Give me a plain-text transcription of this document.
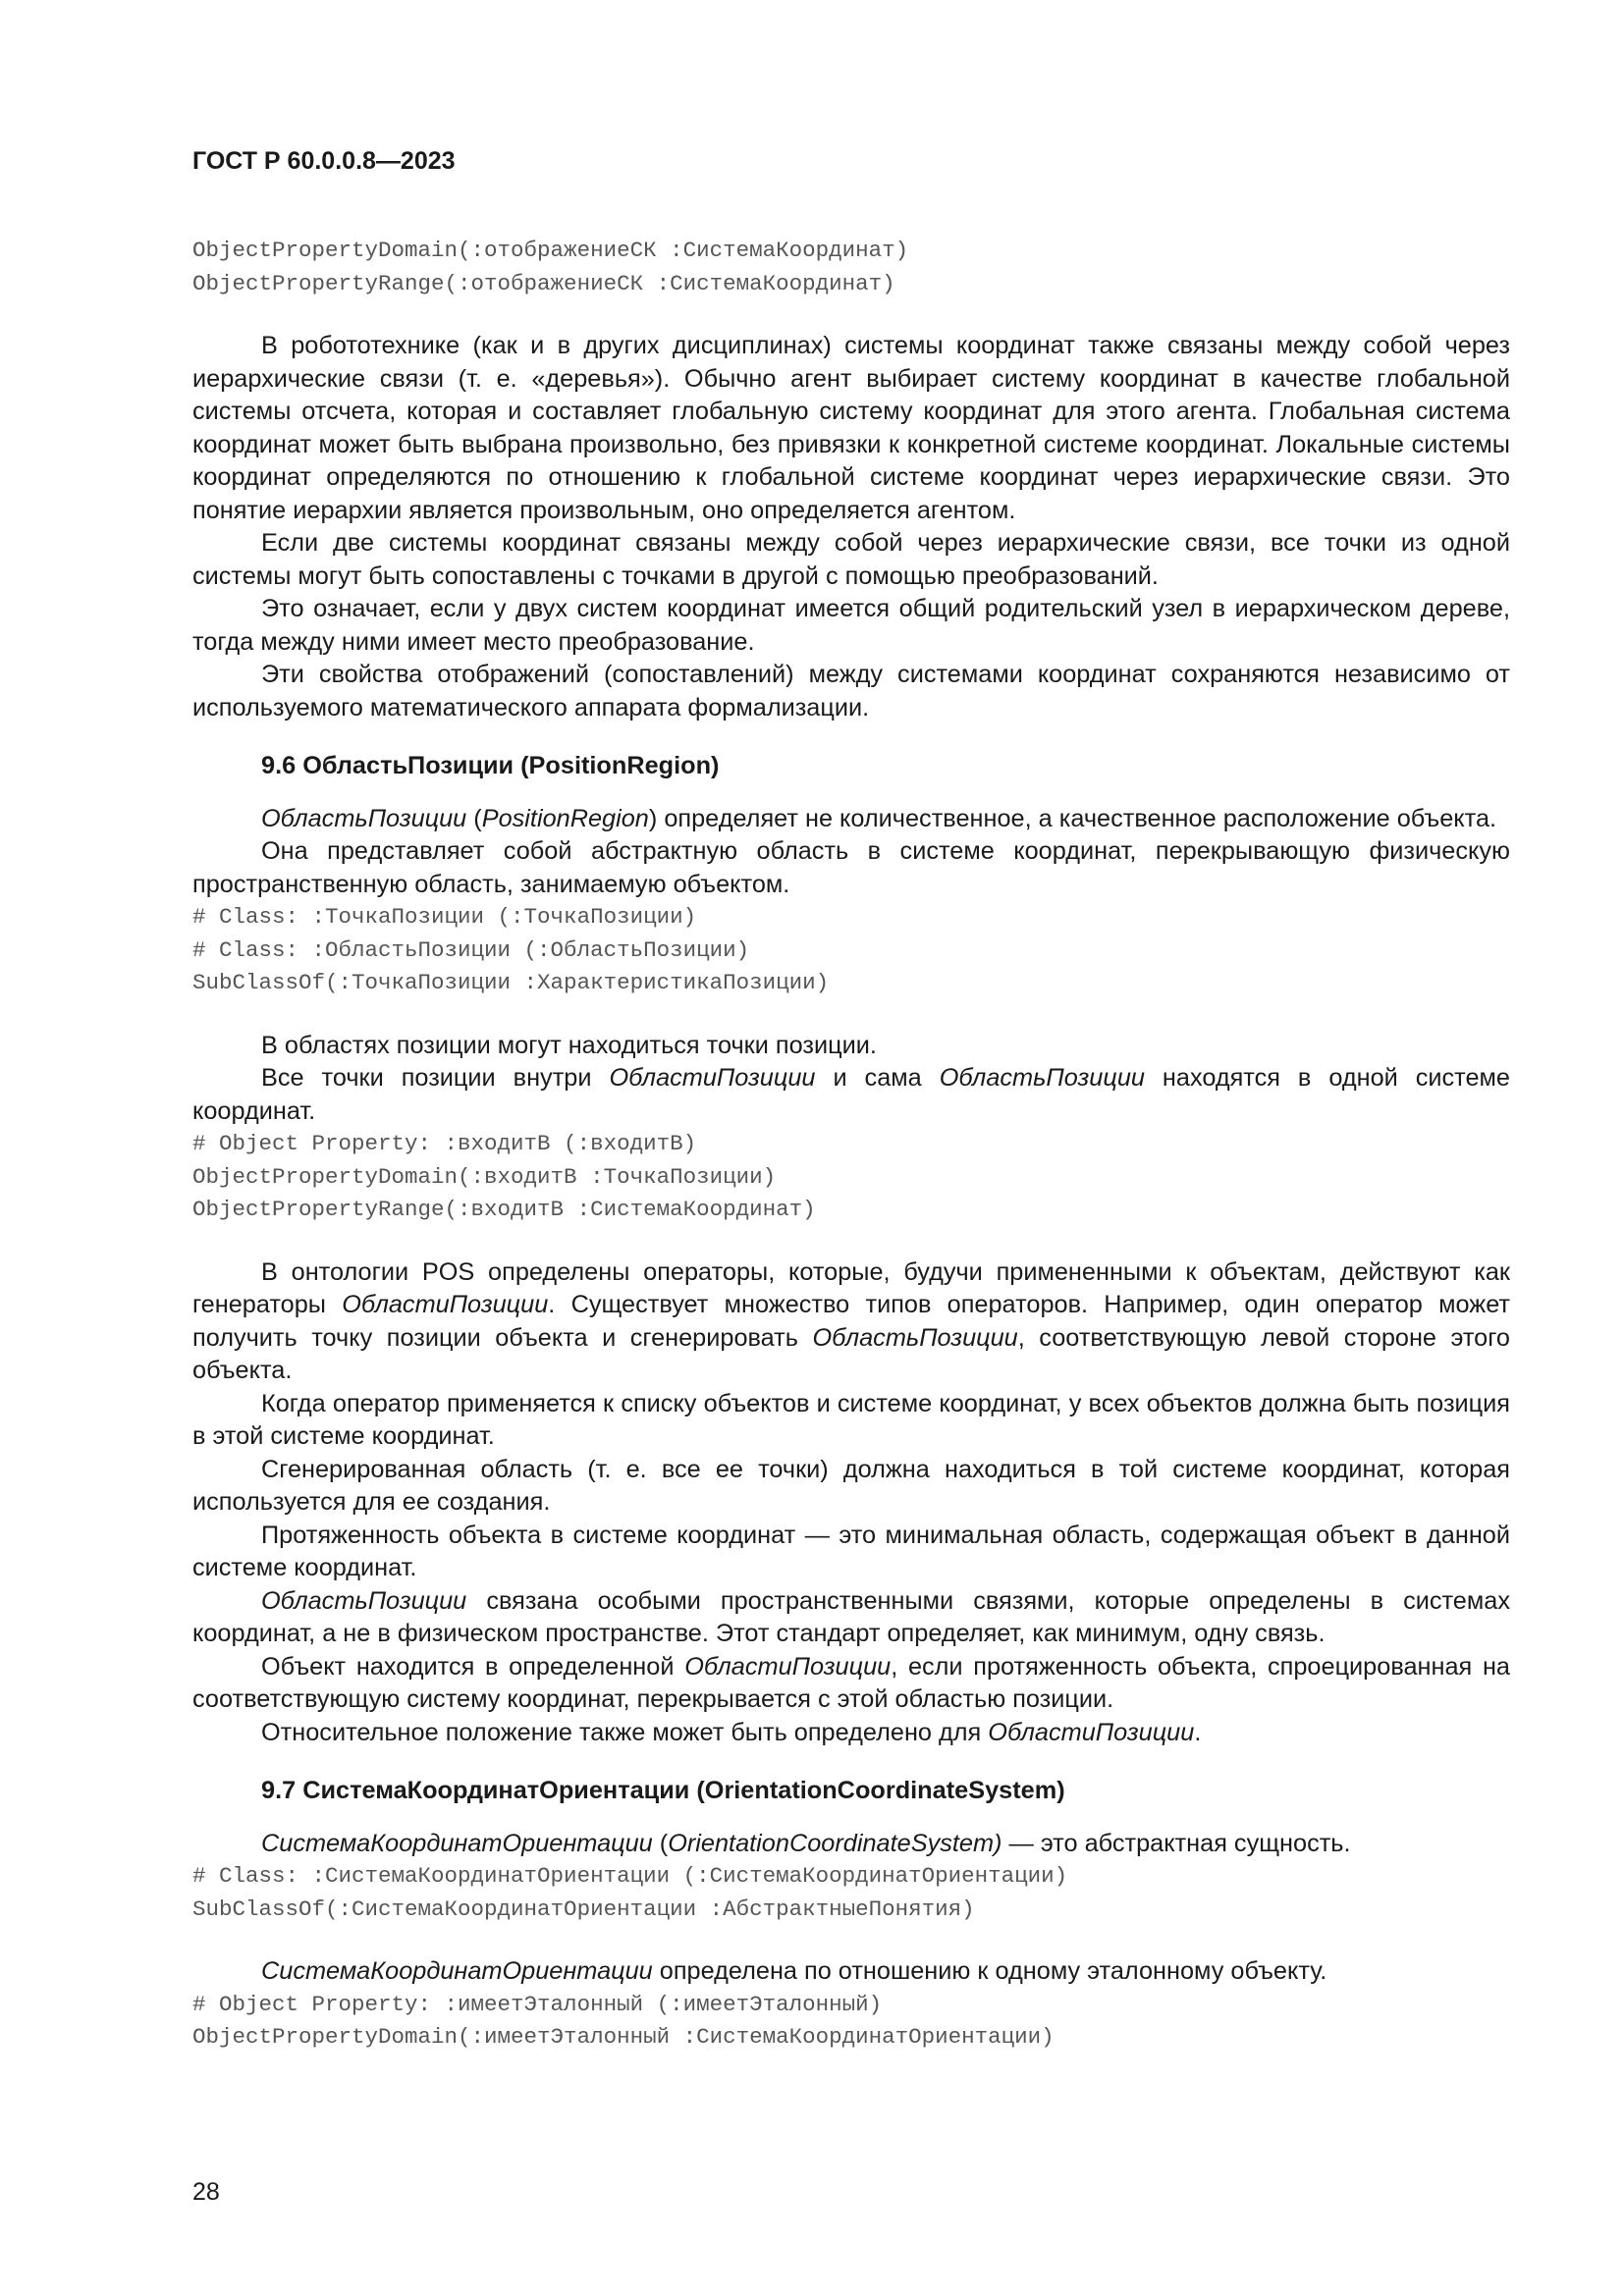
ГОСТ Р 60.0.0.8—2023

ObjectPropertyDomain(:отображениеСК :СистемаКоординат)

ObjectPropertyRange(:отображениеСК :СистемаКоординат)

В робототехнике (как и в других дисциплинах) системы координат также связаны между собой через иерархические связи (т. е. «деревья»). Обычно агент выбирает систему координат в качестве глобальной системы отсчета, которая и составляет глобальную систему координат для этого агента. Глобальная система координат может быть выбрана произвольно, без привязки к конкретной системе координат. Локальные системы координат определяются по отношению к глобальной системе координат через иерархические связи. Это понятие иерархии является произвольным, оно определяется агентом.

Если две системы координат связаны между собой через иерархические связи, все точки из одной системы могут быть сопоставлены с точками в другой с помощью преобразований.

Это означает, если у двух систем координат имеется общий родительский узел в иерархическом дереве, тогда между ними имеет место преобразование.

Эти свойства отображений (сопоставлений) между системами координат сохраняются независимо от используемого математического аппарата формализации.

9.6 ОбластьПозиции (PositionRegion)

ОбластьПозиции (PositionRegion) определяет не количественное, а качественное расположение объекта.

Она представляет собой абстрактную область в системе координат, перекрывающую физическую пространственную область, занимаемую объектом.

# Class: :ТочкаПозиции (:ТочкаПозиции)

# Class: :ОбластьПозиции (:ОбластьПозиции)

SubClassOf(:ТочкаПозиции :ХарактеристикаПозиции)

В областях позиции могут находиться точки позиции.

Все точки позиции внутри ОбластиПозиции и сама ОбластьПозиции находятся в одной системе координат.

# Object Property: :входитВ (:входитВ)

ObjectPropertyDomain(:входитВ :ТочкаПозиции)

ObjectPropertyRange(:входитВ :СистемаКоординат)

В онтологии POS определены операторы, которые, будучи примененными к объектам, действуют как генераторы ОбластиПозиции. Существует множество типов операторов. Например, один оператор может получить точку позиции объекта и сгенерировать ОбластьПозиции, соответствующую левой стороне этого объекта.

Когда оператор применяется к списку объектов и системе координат, у всех объектов должна быть позиция в этой системе координат.

Сгенерированная область (т. е. все ее точки) должна находиться в той системе координат, которая используется для ее создания.

Протяженность объекта в системе координат — это минимальная область, содержащая объект в данной системе координат.

ОбластьПозиции связана особыми пространственными связями, которые определены в системах координат, а не в физическом пространстве. Этот стандарт определяет, как минимум, одну связь.

Объект находится в определенной ОбластиПозиции, если протяженность объекта, спроецированная на соответствующую систему координат, перекрывается с этой областью позиции.

Относительное положение также может быть определено для ОбластиПозиции.

9.7 СистемаКоординатОриентации (OrientationCoordinateSystem)

СистемаКоординатОриентации (OrientationCoordinateSystem) — это абстрактная сущность.

# Class: :СистемаКоординатОриентации (:СистемаКоординатОриентации)

SubClassOf(:СистемаКоординатОриентации :АбстрактныеПонятия)

СистемаКоординатОриентации определена по отношению к одному эталонному объекту.

# Object Property: :имеетЭталонный (:имеетЭталонный)

ObjectPropertyDomain(:имеетЭталонный :СистемаКоординатОриентации)

28
